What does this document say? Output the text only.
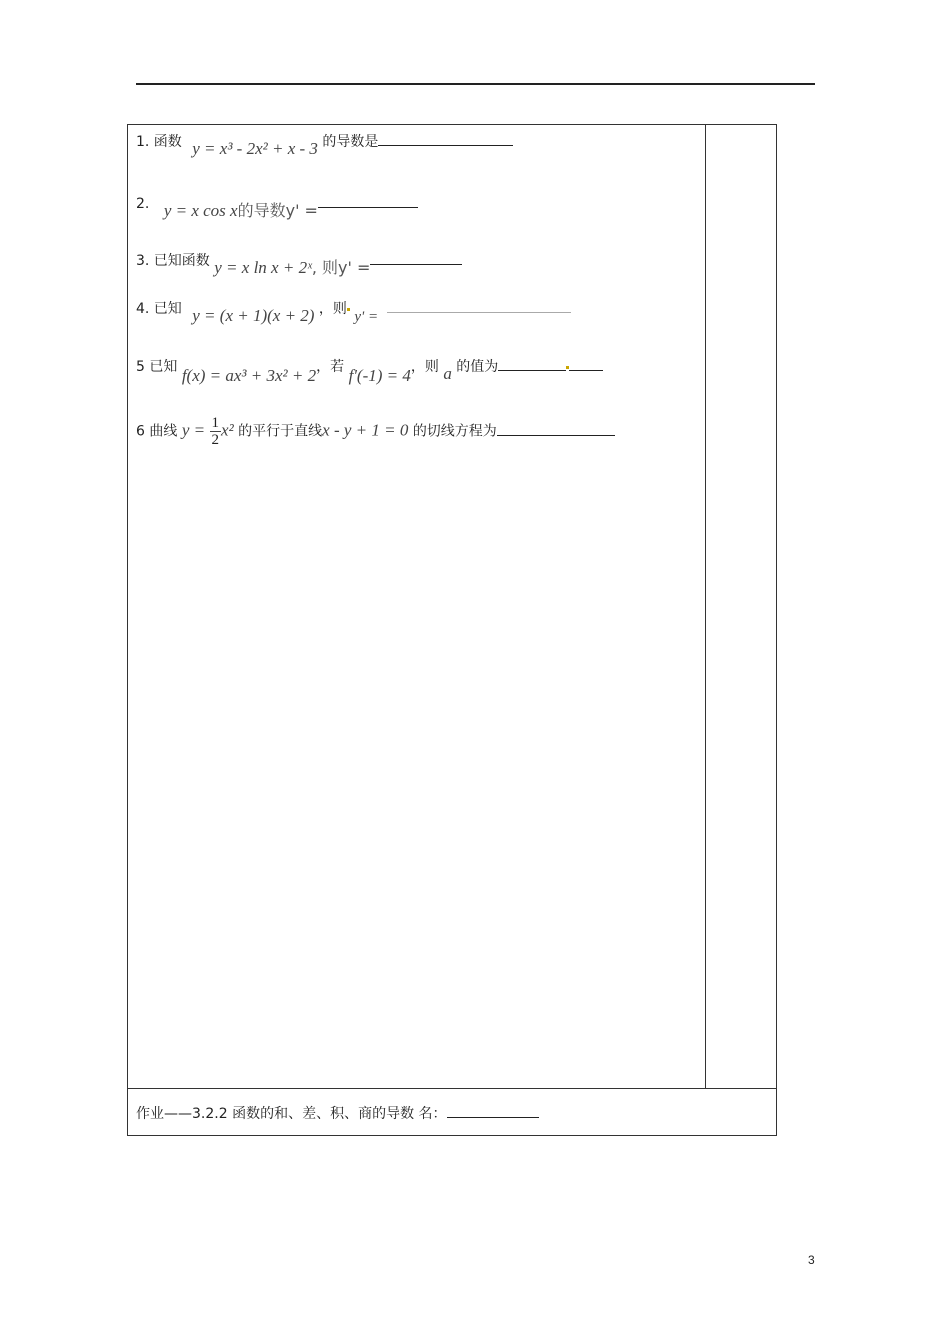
1. 函数 y = x³ - 2x² + x - 3 的导数是
2. y = x cos x的导数y' =
3. 已知函数 y = x ln x + 2ˣ, 则y' =
4. 已知 y = (x + 1)(x + 2) ，则 y' =
5 已知 f(x) = ax³ + 3x² + 2，若 f'(-1) = 4，则 a 的值为
6 曲线 $y = \frac{1}{2} x^2$ 的平行于直线x - y + 1 = 0 的切线方程为
作业——3.2.2 函数的和、差、积、商的导数 名：
3
